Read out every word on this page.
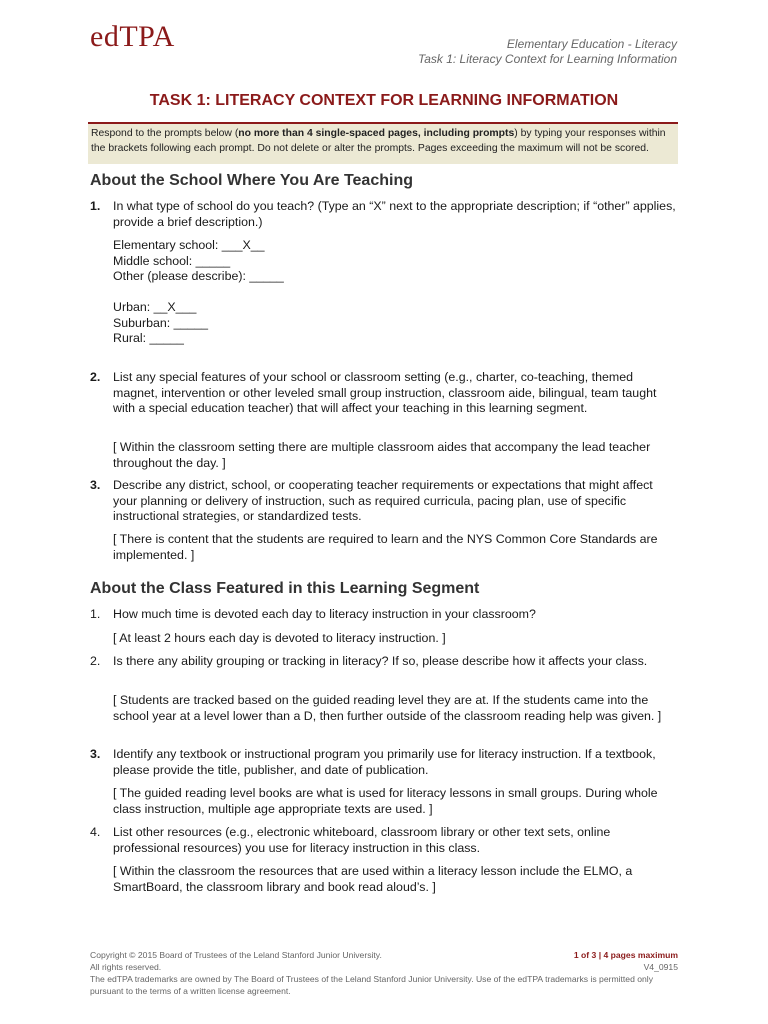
edTPA	Elementary Education - Literacy
Task 1: Literacy Context for Learning Information
TASK 1: LITERACY CONTEXT FOR LEARNING INFORMATION
Respond to the prompts below (no more than 4 single-spaced pages, including prompts) by typing your responses within the brackets following each prompt. Do not delete or alter the prompts. Pages exceeding the maximum will not be scored.
About the School Where You Are Teaching
1. In what type of school do you teach? (Type an “X” next to the appropriate description; if “other” applies, provide a brief description.)
Elementary school: ___X__
Middle school: _____
Other (please describe): _____
Urban: __X___
Suburban: _____
Rural: _____
2. List any special features of your school or classroom setting (e.g., charter, co-teaching, themed magnet, intervention or other leveled small group instruction, classroom aide, bilingual, team taught with a special education teacher) that will affect your teaching in this learning segment.
[ Within the classroom setting there are multiple classroom aides that accompany the lead teacher throughout the day. ]
3. Describe any district, school, or cooperating teacher requirements or expectations that might affect your planning or delivery of instruction, such as required curricula, pacing plan, use of specific instructional strategies, or standardized tests.
[ There is content that the students are required to learn and the NYS Common Core Standards are implemented. ]
About the Class Featured in this Learning Segment
1. How much time is devoted each day to literacy instruction in your classroom?
[ At least 2 hours each day is devoted to literacy instruction. ]
2. Is there any ability grouping or tracking in literacy? If so, please describe how it affects your class.
[ Students are tracked based on the guided reading level they are at. If the students came into the school year at a level lower than a D, then further outside of the classroom reading help was given. ]
3. Identify any textbook or instructional program you primarily use for literacy instruction. If a textbook, please provide the title, publisher, and date of publication.
[ The guided reading level books are what is used for literacy lessons in small groups. During whole class instruction, multiple age appropriate texts are used. ]
4. List other resources (e.g., electronic whiteboard, classroom library or other text sets, online professional resources) you use for literacy instruction in this class.
[ Within the classroom the resources that are used within a literacy lesson include the ELMO, a SmartBoard, the classroom library and book read aloud’s. ]
Copyright © 2015 Board of Trustees of the Leland Stanford Junior University.
All rights reserved.
The edTPA trademarks are owned by The Board of Trustees of the Leland Stanford Junior University. Use of the edTPA trademarks is permitted only pursuant to the terms of a written license agreement.
1 of 3 | 4 pages maximum
V4_0915
